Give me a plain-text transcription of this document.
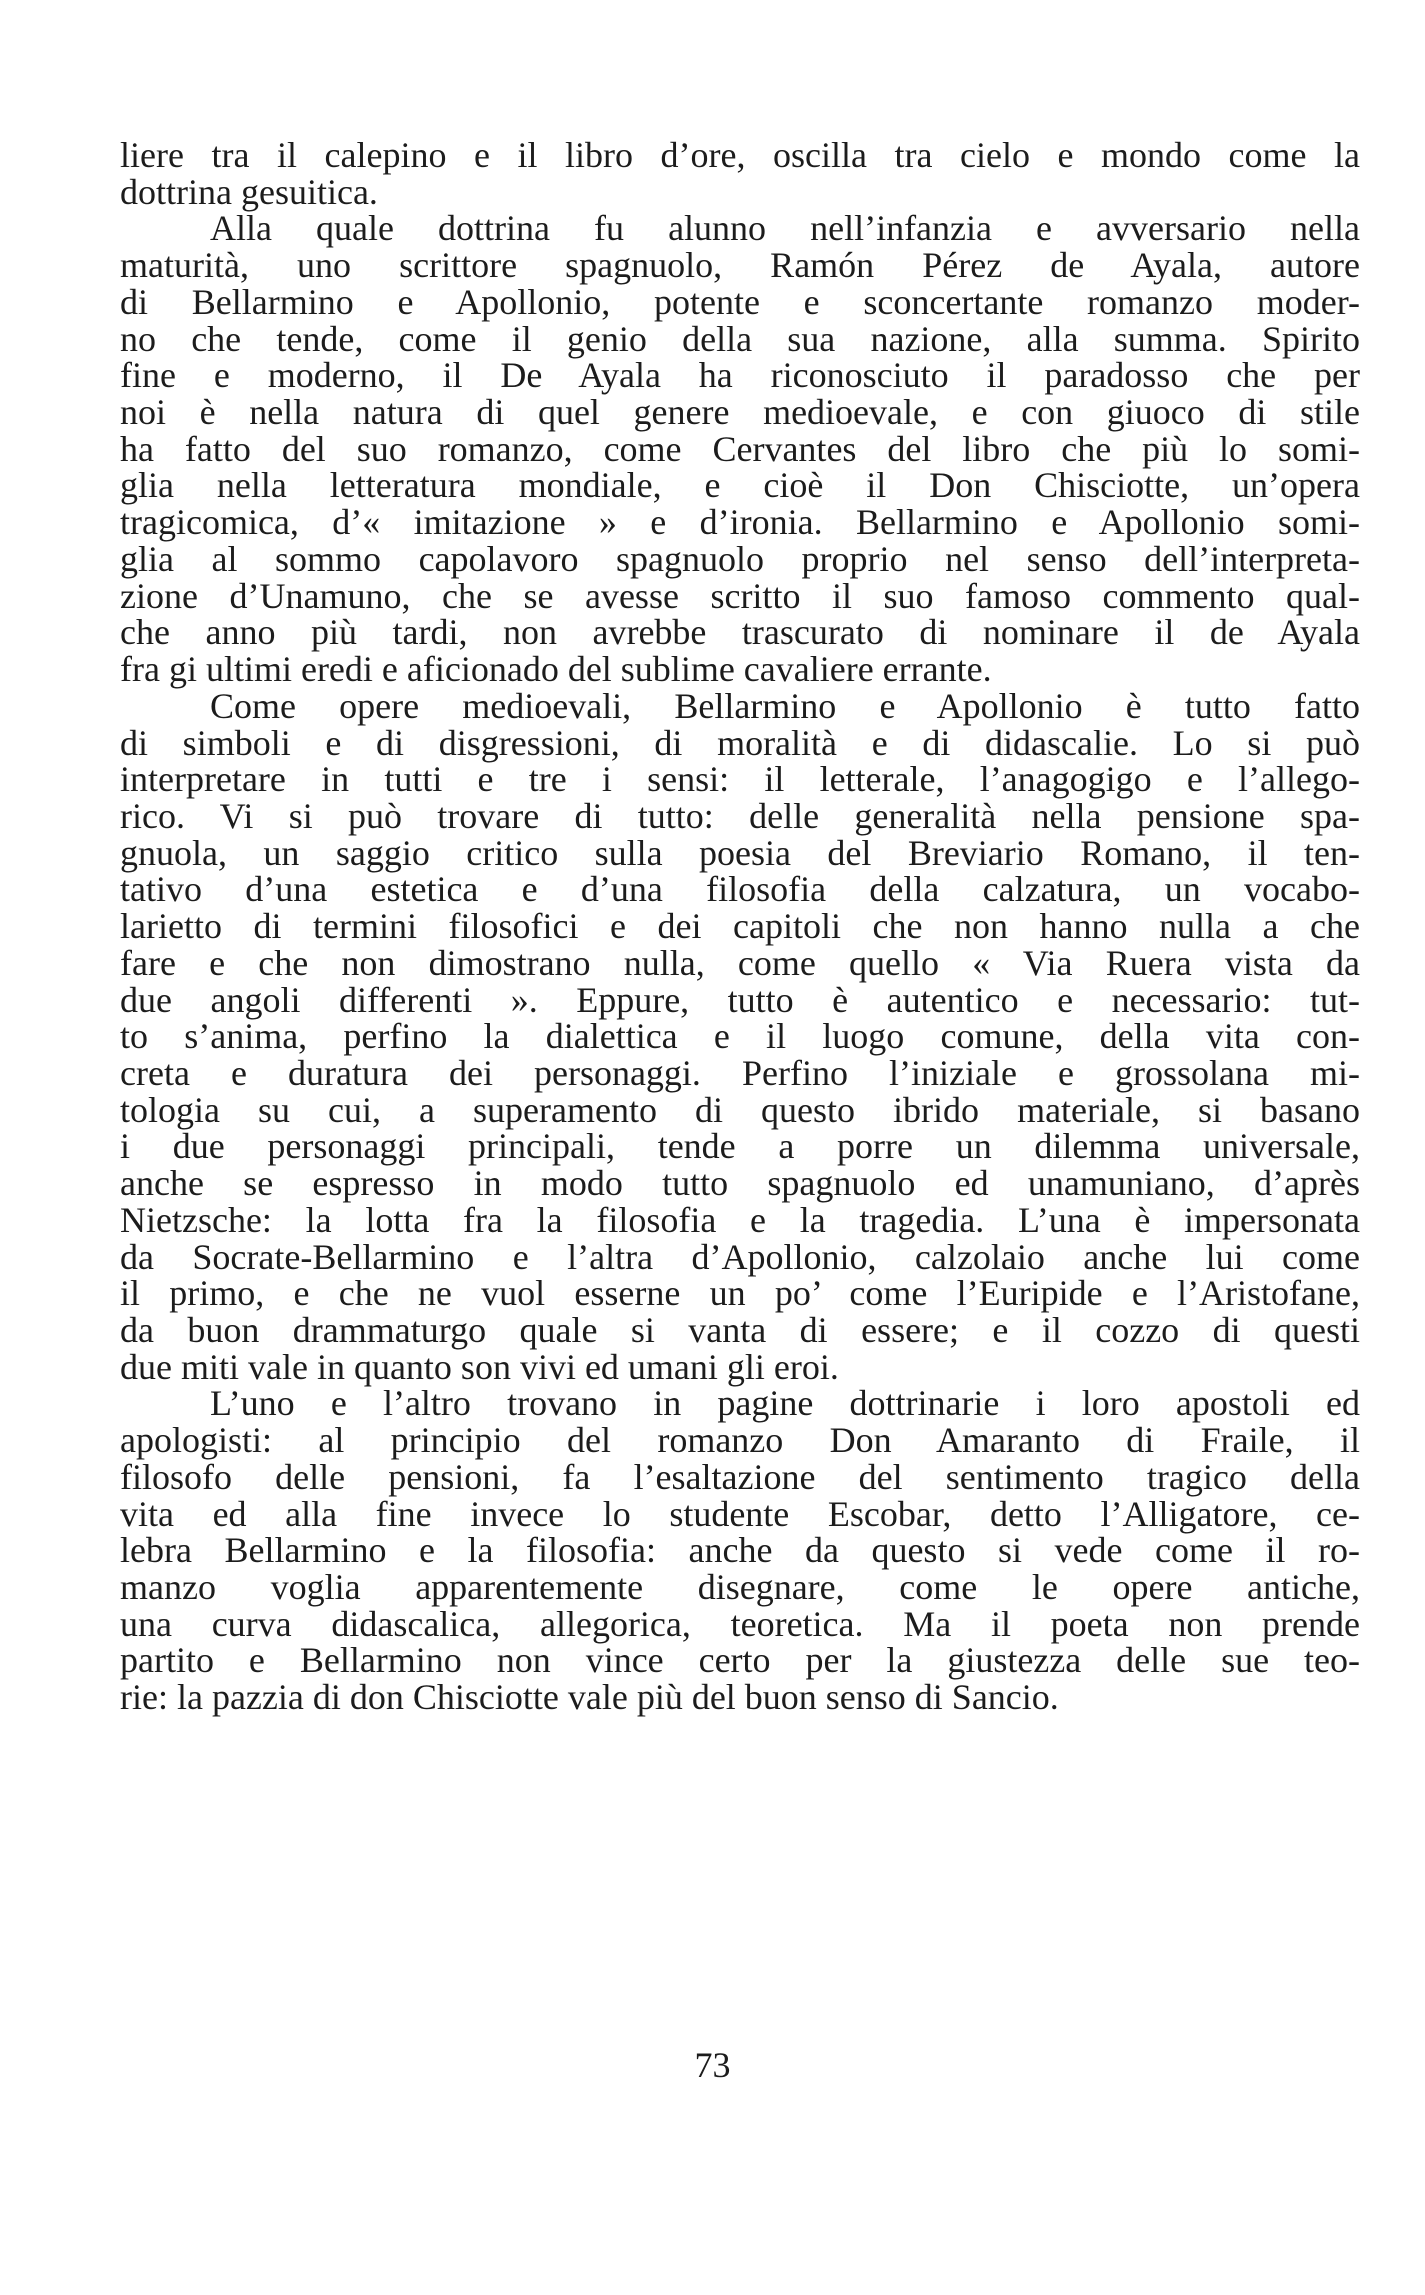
liere tra il calepino e il libro d’ore, oscilla tra cielo e mondo come la
dottrina gesuitica.
Alla quale dottrina fu alunno nell’infanzia e avversario nella
maturità, uno scrittore spagnuolo, Ramón Pérez de Ayala, autore
di Bellarmino e Apollonio, potente e sconcertante romanzo moder-
no che tende, come il genio della sua nazione, alla summa. Spirito
fine e moderno, il De Ayala ha riconosciuto il paradosso che per
noi è nella natura di quel genere medioevale, e con giuoco di stile
ha fatto del suo romanzo, come Cervantes del libro che più lo somi-
glia nella letteratura mondiale, e cioè il Don Chisciotte, un’opera
tragicomica, d’« imitazione » e d’ironia. Bellarmino e Apollonio somi-
glia al sommo capolavoro spagnuolo proprio nel senso dell’interpreta-
zione d’Unamuno, che se avesse scritto il suo famoso commento qual-
che anno più tardi, non avrebbe trascurato di nominare il de Ayala
fra gi ultimi eredi e aficionado del sublime cavaliere errante.
Come opere medioevali, Bellarmino e Apollonio è tutto fatto
di simboli e di disgressioni, di moralità e di didascalie. Lo si può
interpretare in tutti e tre i sensi: il letterale, l’anagogigo e l’allego-
rico. Vi si può trovare di tutto: delle generalità nella pensione spa-
gnuola, un saggio critico sulla poesia del Breviario Romano, il ten-
tativo d’una estetica e d’una filosofia della calzatura, un vocabo-
larietto di termini filosofici e dei capitoli che non hanno nulla a che
fare e che non dimostrano nulla, come quello « Via Ruera vista da
due angoli differenti ». Eppure, tutto è autentico e necessario: tut-
to s’anima, perfino la dialettica e il luogo comune, della vita con-
creta e duratura dei personaggi. Perfino l’iniziale e grossolana mi-
tologia su cui, a superamento di questo ibrido materiale, si basano
i due personaggi principali, tende a porre un dilemma universale,
anche se espresso in modo tutto spagnuolo ed unamuniano, d’après
Nietzsche: la lotta fra la filosofia e la tragedia. L’una è impersonata
da Socrate-Bellarmino e l’altra d’Apollonio, calzolaio anche lui come
il primo, e che ne vuol esserne un po’ come l’Euripide e l’Aristofane,
da buon drammaturgo quale si vanta di essere; e il cozzo di questi
due miti vale in quanto son vivi ed umani gli eroi.
L’uno e l’altro trovano in pagine dottrinarie i loro apostoli ed
apologisti: al principio del romanzo Don Amaranto di Fraile, il
filosofo delle pensioni, fa l’esaltazione del sentimento tragico della
vita ed alla fine invece lo studente Escobar, detto l’Alligatore, ce-
lebra Bellarmino e la filosofia: anche da questo si vede come il ro-
manzo voglia apparentemente disegnare, come le opere antiche,
una curva didascalica, allegorica, teoretica. Ma il poeta non prende
partito e Bellarmino non vince certo per la giustezza delle sue teo-
rie: la pazzia di don Chisciotte vale più del buon senso di Sancio.
73
